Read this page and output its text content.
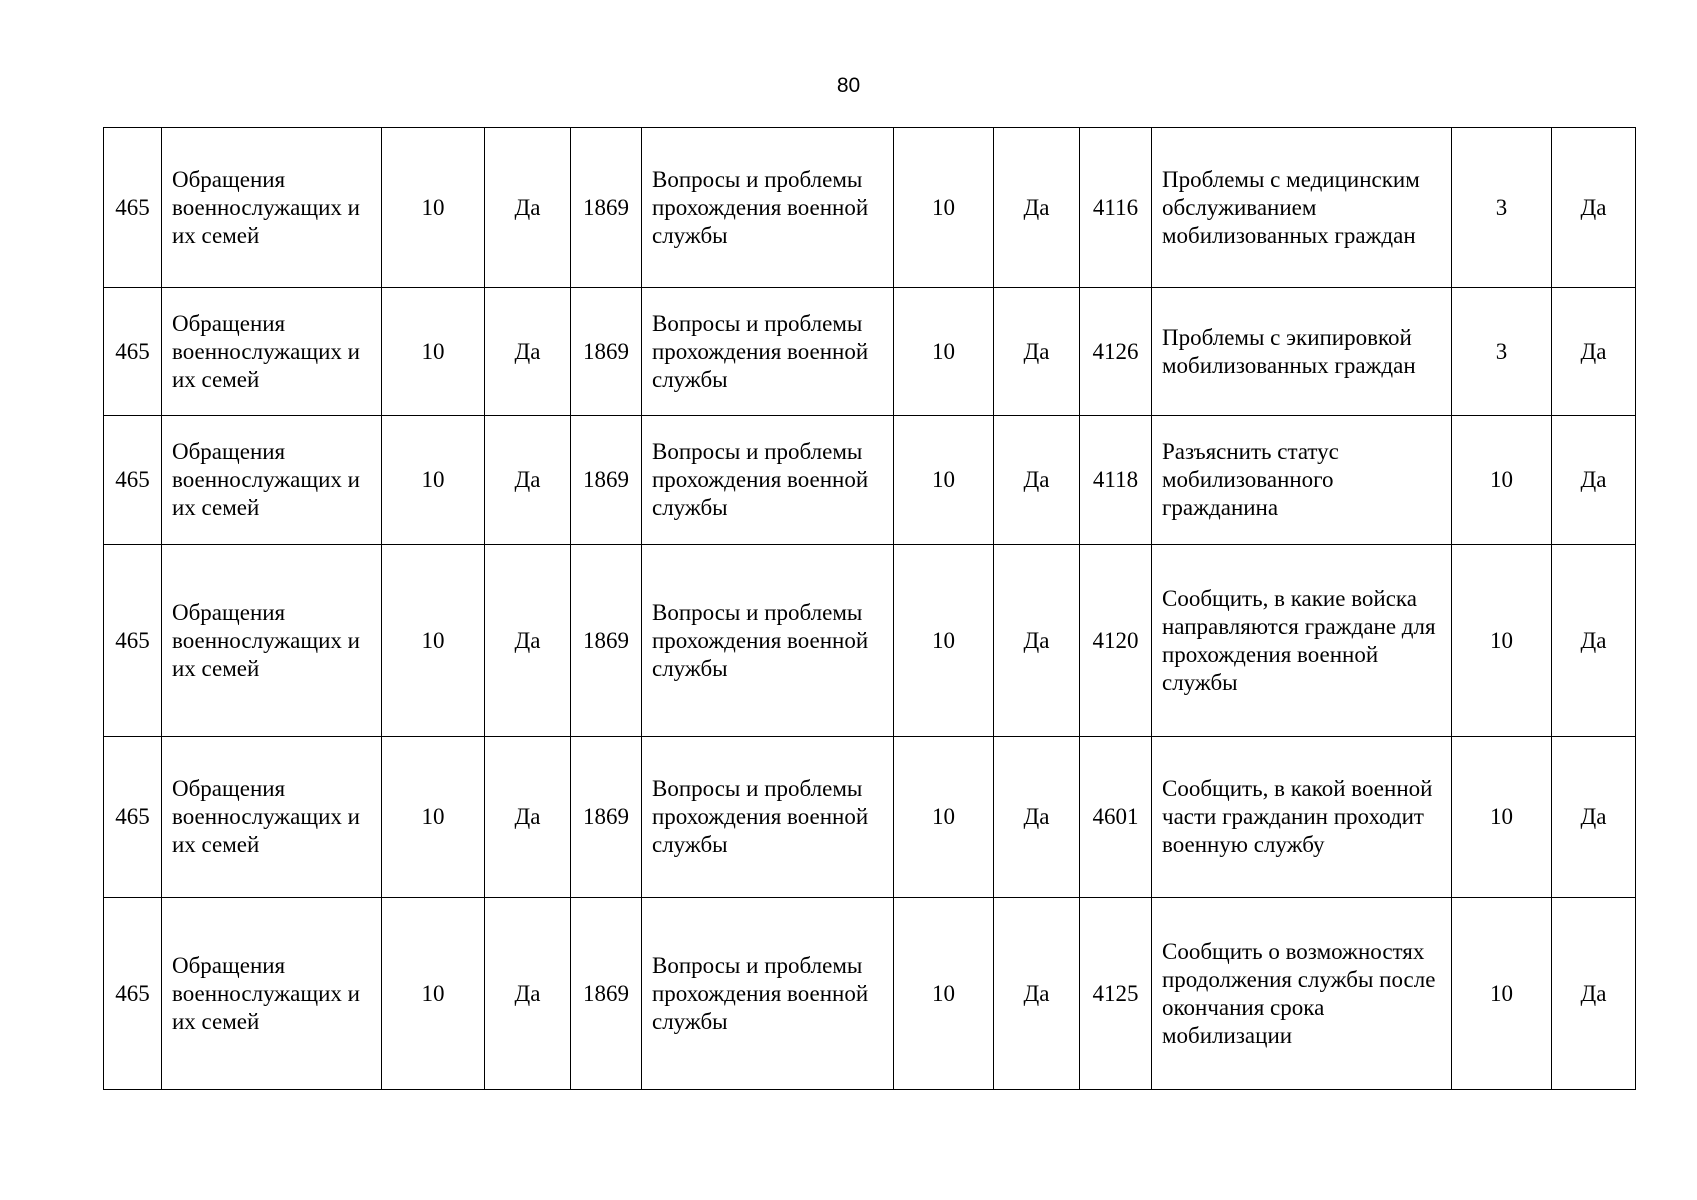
80
465	Обращения военнослужащих и их семей	10	Да	1869	Вопросы и проблемы прохождения военной службы	10	Да	4116	Проблемы с медицинским обслуживанием мобилизованных граждан	3	Да
465	Обращения военнослужащих и их семей	10	Да	1869	Вопросы и проблемы прохождения военной службы	10	Да	4126	Проблемы с экипировкой мобилизованных граждан	3	Да
465	Обращения военнослужащих и их семей	10	Да	1869	Вопросы и проблемы прохождения военной службы	10	Да	4118	Разъяснить статус мобилизованного гражданина	10	Да
465	Обращения военнослужащих и их семей	10	Да	1869	Вопросы и проблемы прохождения военной службы	10	Да	4120	Сообщить, в какие войска направляются граждане для прохождения военной службы	10	Да
465	Обращения военнослужащих и их семей	10	Да	1869	Вопросы и проблемы прохождения военной службы	10	Да	4601	Сообщить, в какой военной части гражданин проходит военную службу	10	Да
465	Обращения военнослужащих и их семей	10	Да	1869	Вопросы и проблемы прохождения военной службы	10	Да	4125	Сообщить о возможностях продолжения службы после окончания срока мобилизации	10	Да
